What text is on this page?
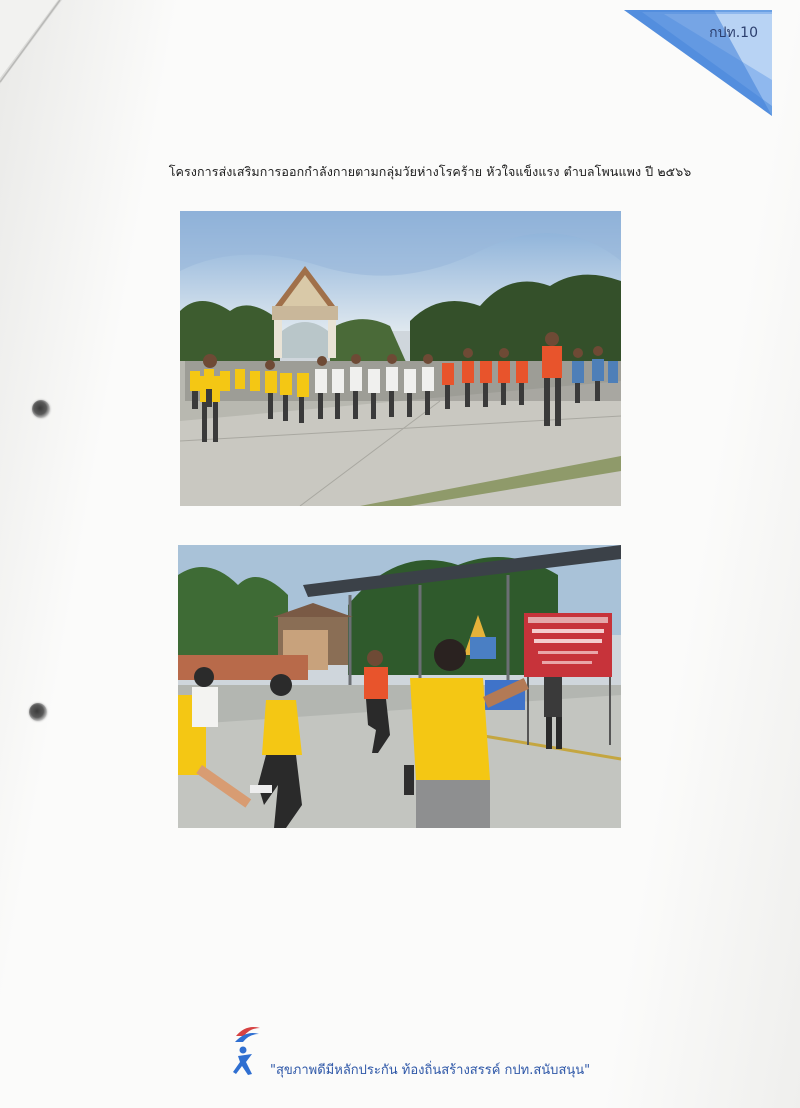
กปท.10
โครงการส่งเสริมการออกกำลังกายตามกลุ่มวัยห่างโรคร้าย หัวใจแข็งแรง ตำบลโพนแพง ปี ๒๕๖๖
"สุขภาพดีมีหลักประกัน ท้องถิ่นสร้างสรรค์ กปท.สนับสนุน"
